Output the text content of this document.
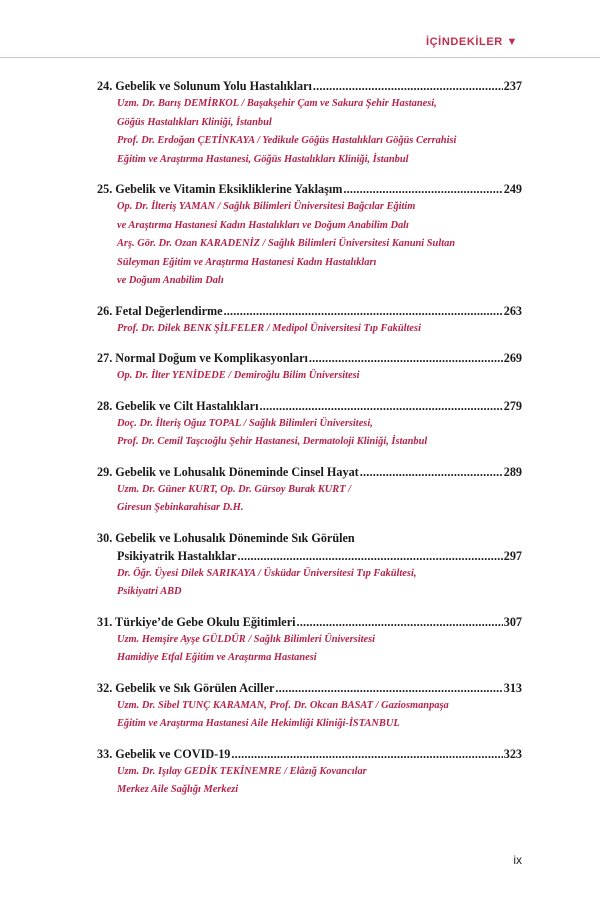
İÇİNDEKİLER ▼
24. Gebelik ve Solunum Yolu Hastalıkları .....	237
Uzm. Dr. Barış DEMİRKOL / Başakşehir Çam ve Sakura Şehir Hastanesi,
Göğüs Hastalıkları Kliniği, İstanbul
Prof. Dr. Erdoğan ÇETİNKAYA / Yedikule Göğüs Hastalıkları Göğüs Cerrahisi
Eğitim ve Araştırma Hastanesi, Göğüs Hastalıkları Kliniği, İstanbul
25. Gebelik ve Vitamin Eksikliklerine Yaklaşım .....	249
Op. Dr. İlteriş YAMAN / Sağlık Bilimleri Üniversitesi Bağcılar Eğitim
ve Araştırma Hastanesi Kadın Hastalıkları ve Doğum Anabilim Dalı
Arş. Gör. Dr. Ozan KARADENİZ / Sağlık Bilimleri Üniversitesi Kanuni Sultan
Süleyman Eğitim ve Araştırma Hastanesi Kadın Hastalıkları
ve Doğum Anabilim Dalı
26. Fetal Değerlendirme .....	263
Prof. Dr. Dilek BENK ŞİLFELER / Medipol Üniversitesi Tıp Fakültesi
27. Normal Doğum ve Komplikasyonları .....	269
Op. Dr. İlter YENİDEDE / Demiroğlu Bilim Üniversitesi
28. Gebelik ve Cilt Hastalıkları .....	279
Doç. Dr. İlteriş Oğuz TOPAL / Sağlık Bilimleri Üniversitesi,
Prof. Dr. Cemil Taşcıoğlu Şehir Hastanesi, Dermatoloji Kliniği, İstanbul
29. Gebelik ve Lohusalık Döneminde Cinsel Hayat .....	289
Uzm. Dr. Güner KURT, Op. Dr. Gürsoy Burak KURT /
Giresun Şebinkarahisar D.H.
30. Gebelik ve Lohusalık Döneminde Sık Görülen
Psikiyatrik Hastalıklar .....	297
Dr. Öğr. Üyesi Dilek SARIKAYA / Üsküdar Üniversitesi Tıp Fakültesi,
Psikiyatri ABD
31. Türkiye’de Gebe Okulu Eğitimleri .....	307
Uzm. Hemşire Ayşe GÜLDÜR / Sağlık Bilimleri Üniversitesi
Hamidiye Etfal Eğitim ve Araştırma Hastanesi
32. Gebelik ve Sık Görülen Aciller .....	313
Uzm. Dr. Sibel TUNÇ KARAMAN, Prof. Dr. Okcan BASAT / Gaziosmanpaşa
Eğitim ve Araştırma Hastanesi Aile Hekimliği Kliniği-İSTANBUL
33. Gebelik ve COVID-19 .....	323
Uzm. Dr. Işılay GEDİK TEKİNEMRE / Elâzığ Kovancılar
Merkez Aile Sağlığı Merkezi
ix
